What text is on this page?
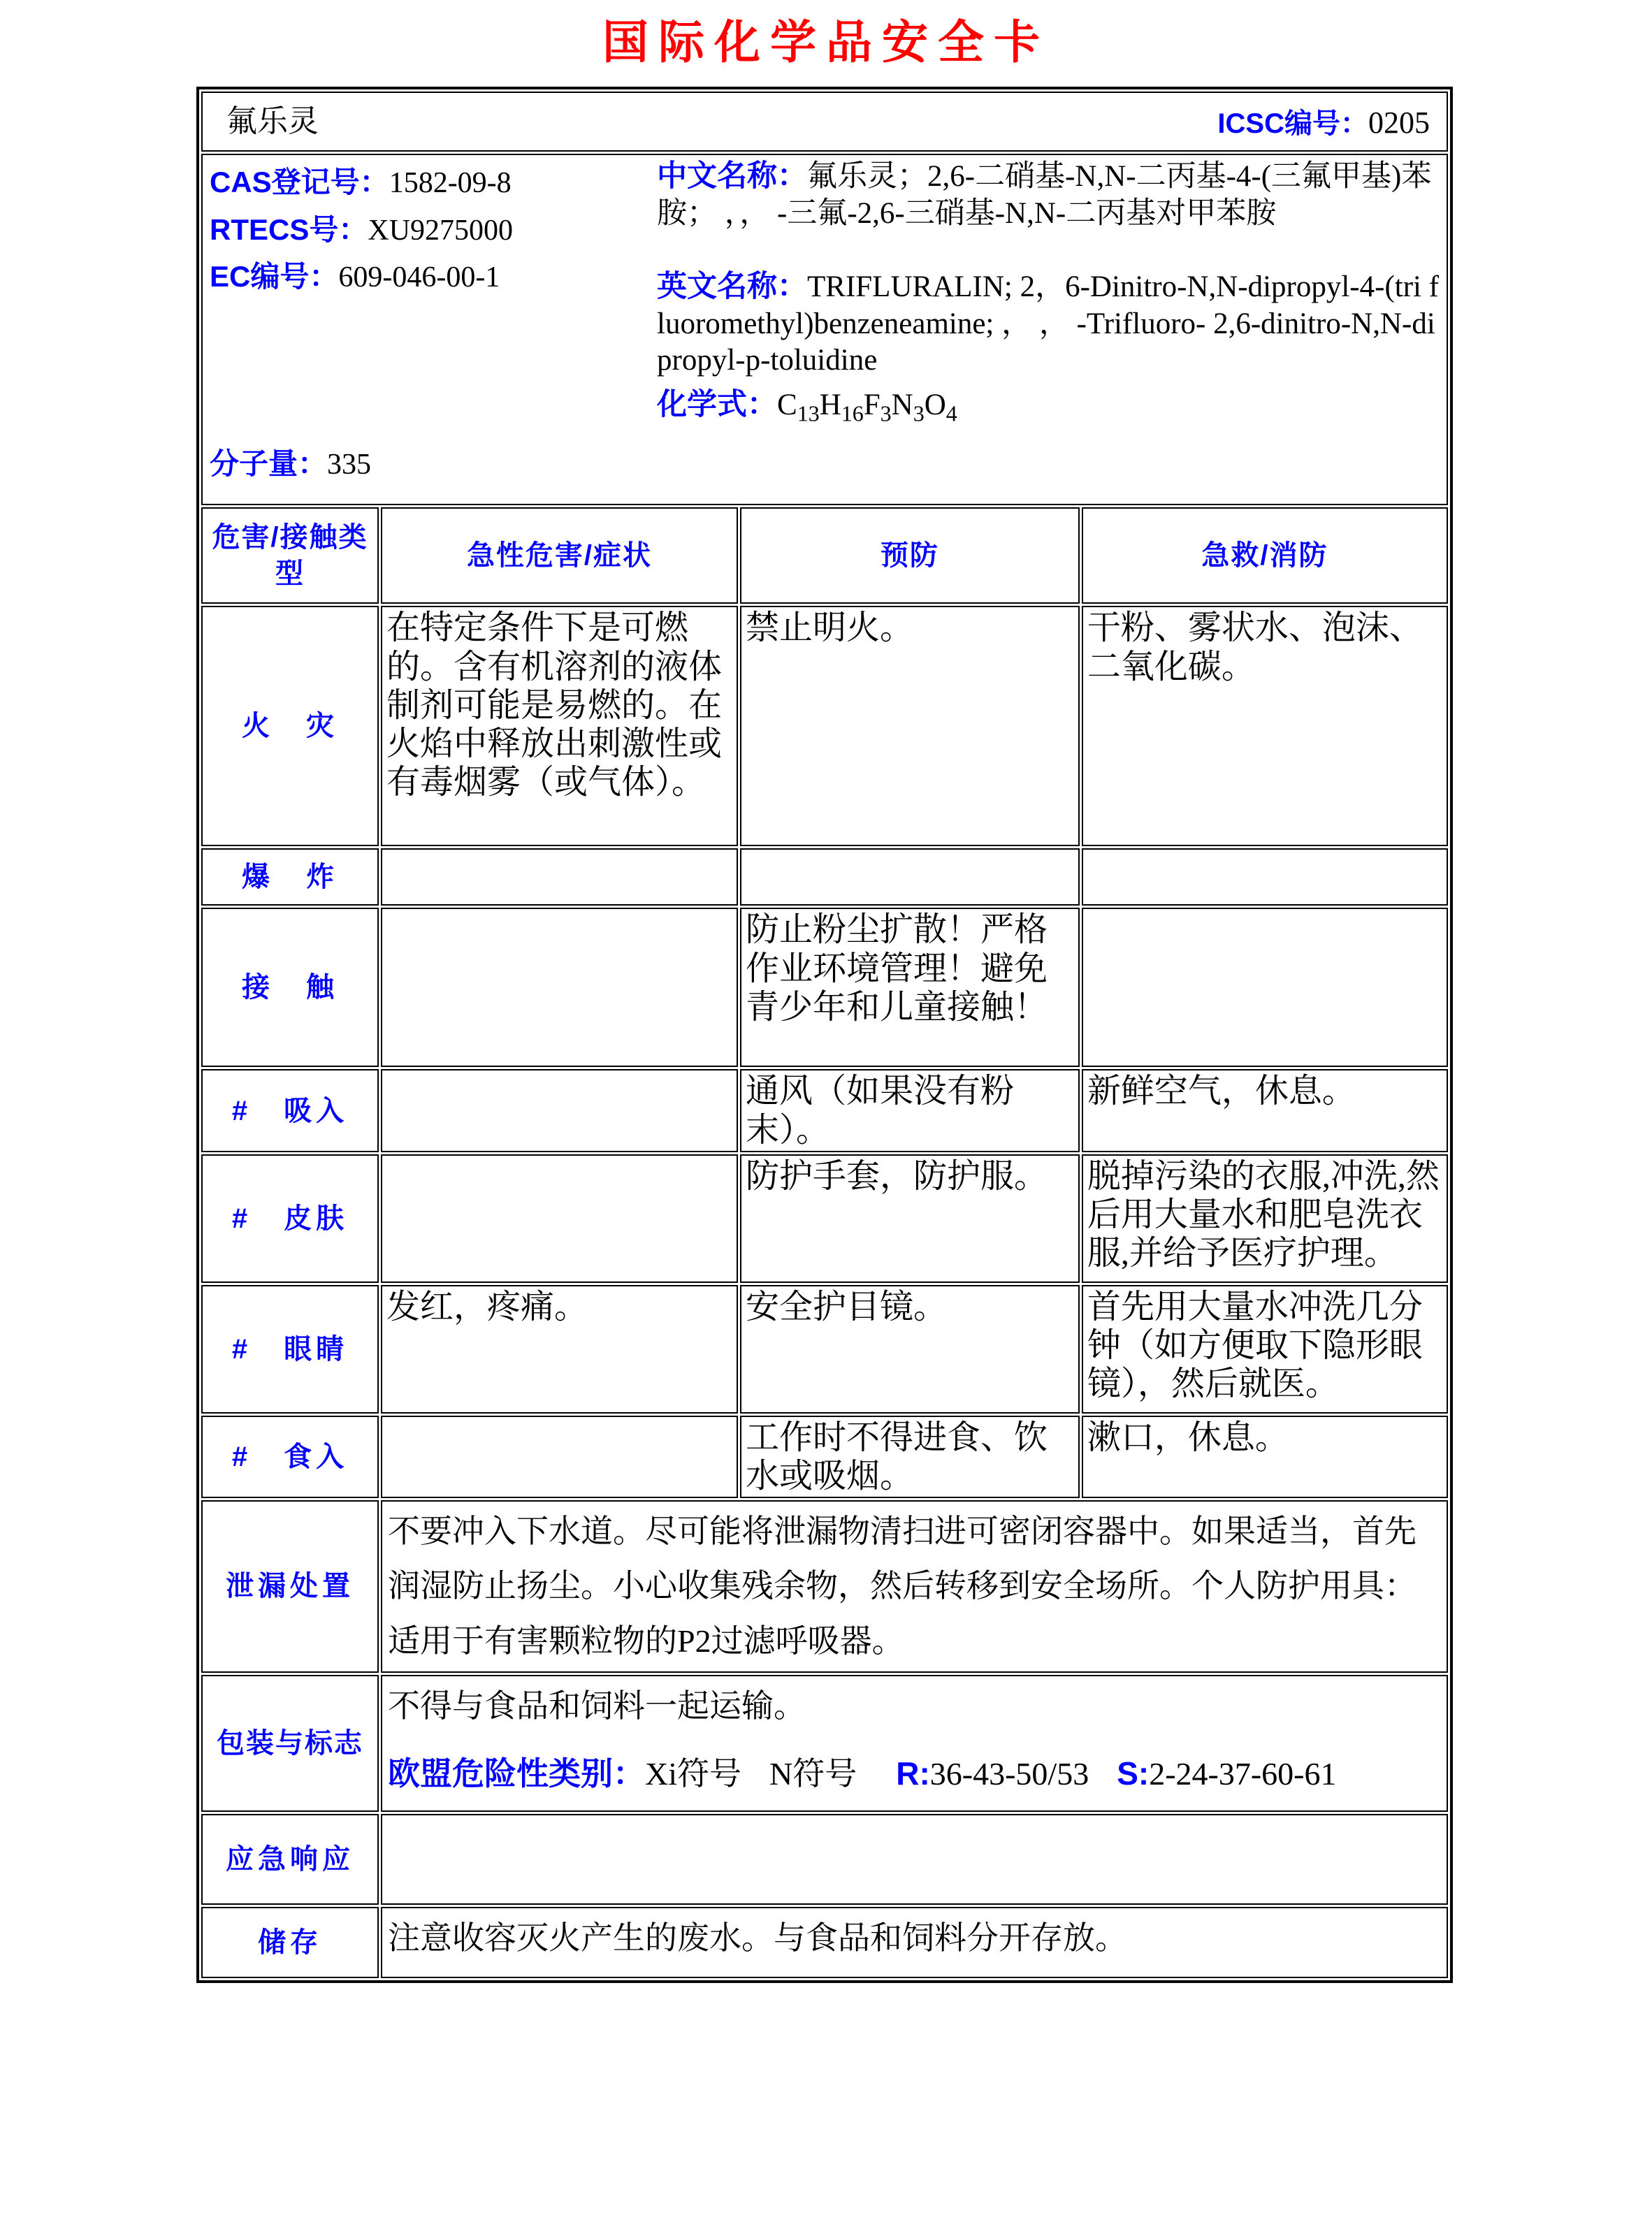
国际化学品安全卡
氟乐灵 ICSC编号：0205			

CAS登记号：1582-09-8
RTECS号：XU9275000
EC编号：609-046-00-1
分子量：335
中文名称：氟乐灵；2,6-二硝基-N,N-二丙基-4-(三氟甲基)苯胺； ，， -三氟-2,6-三硝基-N,N-二丙基对甲苯胺
英文名称：TRIFLURALIN; 2，6-Dinitro-N,N-dipropyl-4-(tri fluoromethyl)benzeneamine; ， ， -Trifluoro- 2,6-dinitro-N,N-dipropyl-p-toluidine
化学式：$C_{13}H_{16}F_3N_3O_4$

危害/接触类型	急性危害/症状	预防	急救/消防
火　灾	在特定条件下是可燃的。含有机溶剂的液体制剂可能是易燃的。在火焰中释放出刺激性或有毒烟雾（或气体）。	禁止明火。	干粉、雾状水、泡沫、二氧化碳。
爆　炸			
接　触		防止粉尘扩散！严格作业环境管理！避免青少年和儿童接触！	
#　吸入		通风（如果没有粉末）。	新鲜空气，休息。
#　皮肤		防护手套，防护服。	脱掉污染的衣服,冲洗,然后用大量水和肥皂洗衣服,并给予医疗护理。
#　眼睛	发红，疼痛。	安全护目镜。	首先用大量水冲洗几分钟（如方便取下隐形眼镜），然后就医。
#　食入		工作时不得进食、饮水或吸烟。	漱口，休息。
泄漏处置	不要冲入下水道。尽可能将泄漏物清扫进可密闭容器中。如果适当，首先润湿防止扬尘。小心收集残余物，然后转移到安全场所。个人防护用具：适用于有害颗粒物的P2过滤呼吸器。		
包装与标志	不得与食品和饲料一起运输。
欧盟危险性类别：Xi符号 N符号 R:36-43-50/53 S:2-24-37-60-61		

应急响应			
储存	注意收容灭火产生的废水。与食品和饲料分开存放。		
